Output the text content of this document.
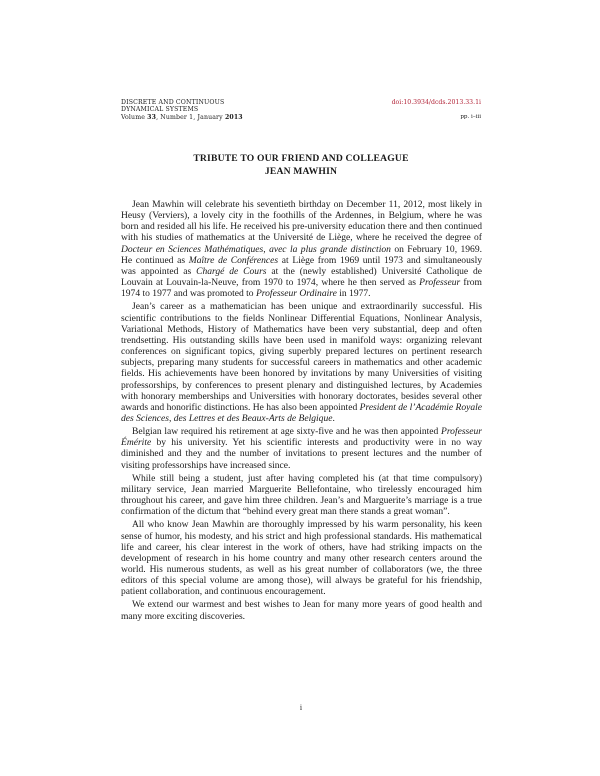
DISCRETE AND CONTINUOUS
DYNAMICAL SYSTEMS
Volume 33, Number 1, January 2013
doi:10.3934/dcds.2013.33.1i
pp. i–iii
TRIBUTE TO OUR FRIEND AND COLLEAGUE
JEAN MAWHIN

Jean Mawhin will celebrate his seventieth birthday on December 11, 2012, most likely in Heusy (Verviers), a lovely city in the foothills of the Ardennes, in Belgium, where he was born and resided all his life. He received his pre-university education there and then continued with his studies of mathematics at the Université de Liège, where he received the degree of Docteur en Sciences Mathématiques, avec la plus grande distinction on February 10, 1969. He continued as Maître de Conférences at Liège from 1969 until 1973 and simultaneously was appointed as Chargé de Cours at the (newly established) Université Catholique de Louvain at Louvain-la-Neuve, from 1970 to 1974, where he then served as Professeur from 1974 to 1977 and was promoted to Professeur Ordinaire in 1977.

Jean’s career as a mathematician has been unique and extraordinarily successful. His scientific contributions to the fields Nonlinear Differential Equations, Nonlinear Analysis, Variational Methods, History of Mathematics have been very substantial, deep and often trendsetting. His outstanding skills have been used in manifold ways: organizing relevant conferences on significant topics, giving superbly prepared lectures on pertinent research subjects, preparing many students for successful careers in mathematics and other academic fields. His achievements have been honored by invitations by many Universities of visiting professorships, by conferences to present plenary and distinguished lectures, by Academies with honorary memberships and Universities with honorary doctorates, besides several other awards and honorific distinctions. He has also been appointed President de l’Académie Royale des Sciences, des Lettres et des Beaux-Arts de Belgique.

Belgian law required his retirement at age sixty-five and he was then appointed Professeur Émérite by his university. Yet his scientific interests and productivity were in no way diminished and they and the number of invitations to present lectures and the number of visiting professorships have increased since.

While still being a student, just after having completed his (at that time compulsory) military service, Jean married Marguerite Bellefontaine, who tirelessly encouraged him throughout his career, and gave him three children. Jean’s and Marguerite’s marriage is a true confirmation of the dictum that “behind every great man there stands a great woman”.

All who know Jean Mawhin are thoroughly impressed by his warm personality, his keen sense of humor, his modesty, and his strict and high professional standards. His mathematical life and career, his clear interest in the work of others, have had striking impacts on the development of research in his home country and many other research centers around the world. His numerous students, as well as his great number of collaborators (we, the three editors of this special volume are among those), will always be grateful for his friendship, patient collaboration, and continuous encouragement.

We extend our warmest and best wishes to Jean for many more years of good health and many more exciting discoveries.

i
